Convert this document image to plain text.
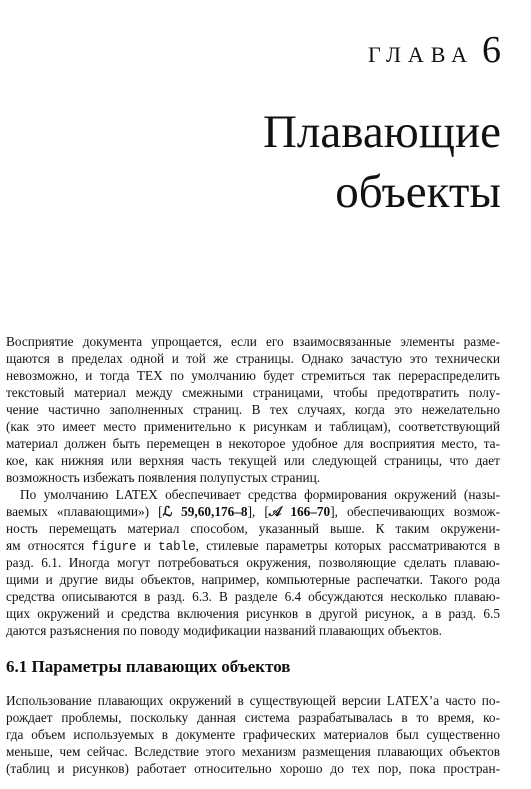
ГЛАВА 6
Плавающие
объекты
Восприятие документа упрощается, если его взаимосвязанные элементы разме-
щаются в пределах одной и той же страницы. Однако зачастую это технически
невозможно, и тогда TEX по умолчанию будет стремиться так перераспределить
текстовый материал между смежными страницами, чтобы предотвратить полу-
чение частично заполненных страниц. В тех случаях, когда это нежелательно
(как это имеет место применительно к рисункам и таблицам), соответствующий
материал должен быть перемещен в некоторое удобное для восприятия место, та-
кое, как нижняя или верхняя часть текущей или следующей страницы, что дает
возможность избежать появления полупустых страниц.
По умолчанию LATEX обеспечивает средства формирования окружений (назы-
ваемых «плавающими») [ℒ 59,60,176–8], [𝒜 166–70], обеспечивающих возмож-
ность перемещать материал способом, указанный выше. К таким окружени-
ям относятся figure и table, стилевые параметры которых рассматриваются в
разд. 6.1. Иногда могут потребоваться окружения, позволяющие сделать плаваю-
щими и другие виды объектов, например, компьютерные распечатки. Такого рода
средства описываются в разд. 6.3. В разделе 6.4 обсуждаются несколько плаваю-
щих окружений и средства включения рисунков в другой рисунок, а в разд. 6.5
даются разъяснения по поводу модификации названий плавающих объектов.
6.1 Параметры плавающих объектов
Использование плавающих окружений в существующей версии LATEX’а часто по-
рождает проблемы, поскольку данная система разрабатывалась в то время, ко-
гда объем используемых в документе графических материалов был существенно
меньше, чем сейчас. Вследствие этого механизм размещения плавающих объектов
(таблиц и рисунков) работает относительно хорошо до тех пор, пока простран-
